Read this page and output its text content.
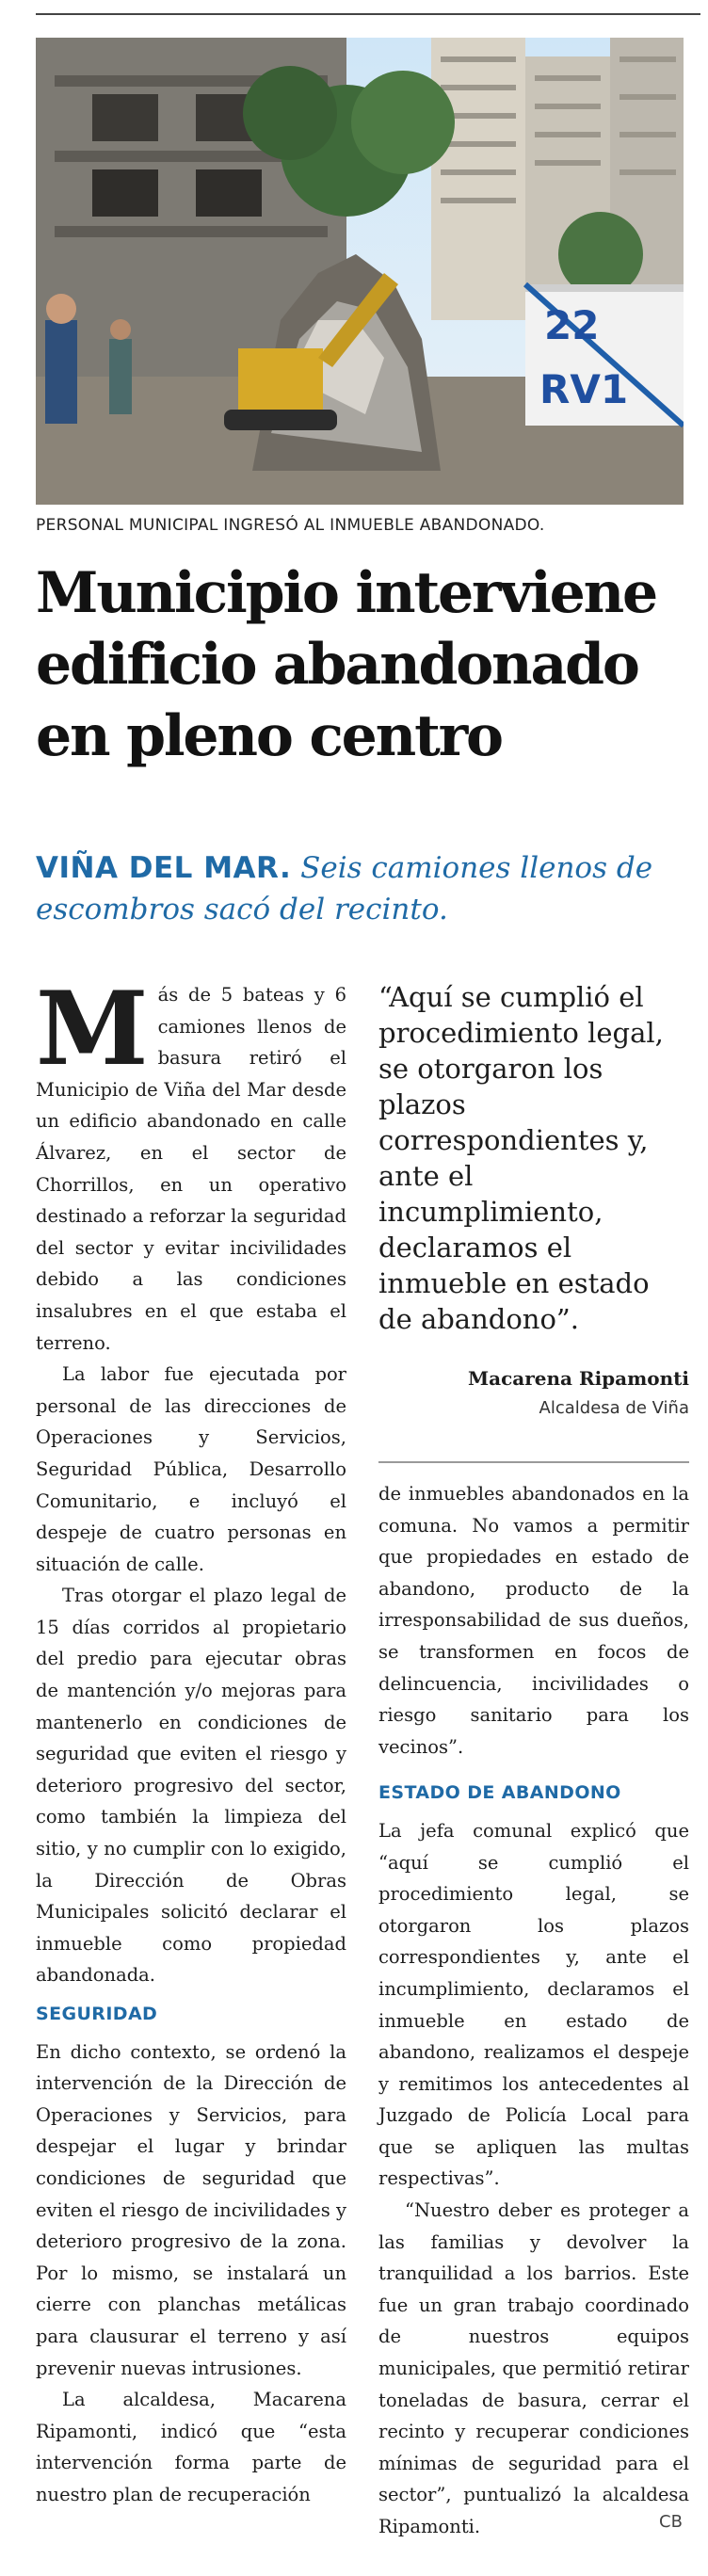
22
RV1
PERSONAL MUNICIPAL INGRESÓ AL INMUEBLE ABANDONADO.
Municipio interviene
edificio abandonado
en pleno centro
VIÑA DEL MAR. Seis camiones llenos de escombros sacó del recinto.

Más de 5 bateas y 6 camiones llenos de basura retiró el Municipio de Viña del Mar desde un edificio abandonado en calle Álvarez, en el sector de Chorrillos, en un operativo destinado a reforzar la seguridad del sector y evitar incivilidades debido a las condiciones insalubres en el que estaba el terreno.

La labor fue ejecutada por personal de las direcciones de Operaciones y Servicios, Seguridad Pública, Desarrollo Comunitario, e incluyó el despeje de cuatro personas en situación de calle.

Tras otorgar el plazo legal de 15 días corridos al propietario del predio para ejecutar obras de mantención y/o mejoras para mantenerlo en condiciones de seguridad que eviten el riesgo y deterioro progresivo del sector, como también la limpieza del sitio, y no cumplir con lo exigido, la Dirección de Obras Municipales solicitó declarar el inmueble como propiedad abandonada.

SEGURIDAD

En dicho contexto, se ordenó la intervención de la Dirección de Operaciones y Servicios, para despejar el lugar y brindar condiciones de seguridad que eviten el riesgo de incivilidades y deterioro progresivo de la zona. Por lo mismo, se instalará un cierre con planchas metálicas para clausurar el terreno y así prevenir nuevas intrusiones.

La alcaldesa, Macarena Ripamonti, indicó que “esta intervención forma parte de nuestro plan de recuperación

“Aquí se cumplió el procedimiento legal, se otorgaron los plazos correspondientes y, ante el incumplimiento, declaramos el inmueble en estado de abandono”.
Macarena Ripamonti
Alcaldesa de Viña

de inmuebles abandonados en la comuna. No vamos a permitir que propiedades en estado de abandono, producto de la irresponsabilidad de sus dueños, se transformen en focos de delincuencia, incivilidades o riesgo sanitario para los vecinos”.

ESTADO DE ABANDONO

La jefa comunal explicó que “aquí se cumplió el procedimiento legal, se otorgaron los plazos correspondientes y, ante el incumplimiento, declaramos el inmueble en estado de abandono, realizamos el despeje y remitimos los antecedentes al Juzgado de Policía Local para que se apliquen las multas respectivas”.

“Nuestro deber es proteger a las familias y devolver la tranquilidad a los barrios. Este fue un gran trabajo coordinado de nuestros equipos municipales, que permitió retirar toneladas de basura, cerrar el recinto y recuperar condiciones mínimas de seguridad para el sector”, puntualizó la alcaldesa Ripamonti.	CB
